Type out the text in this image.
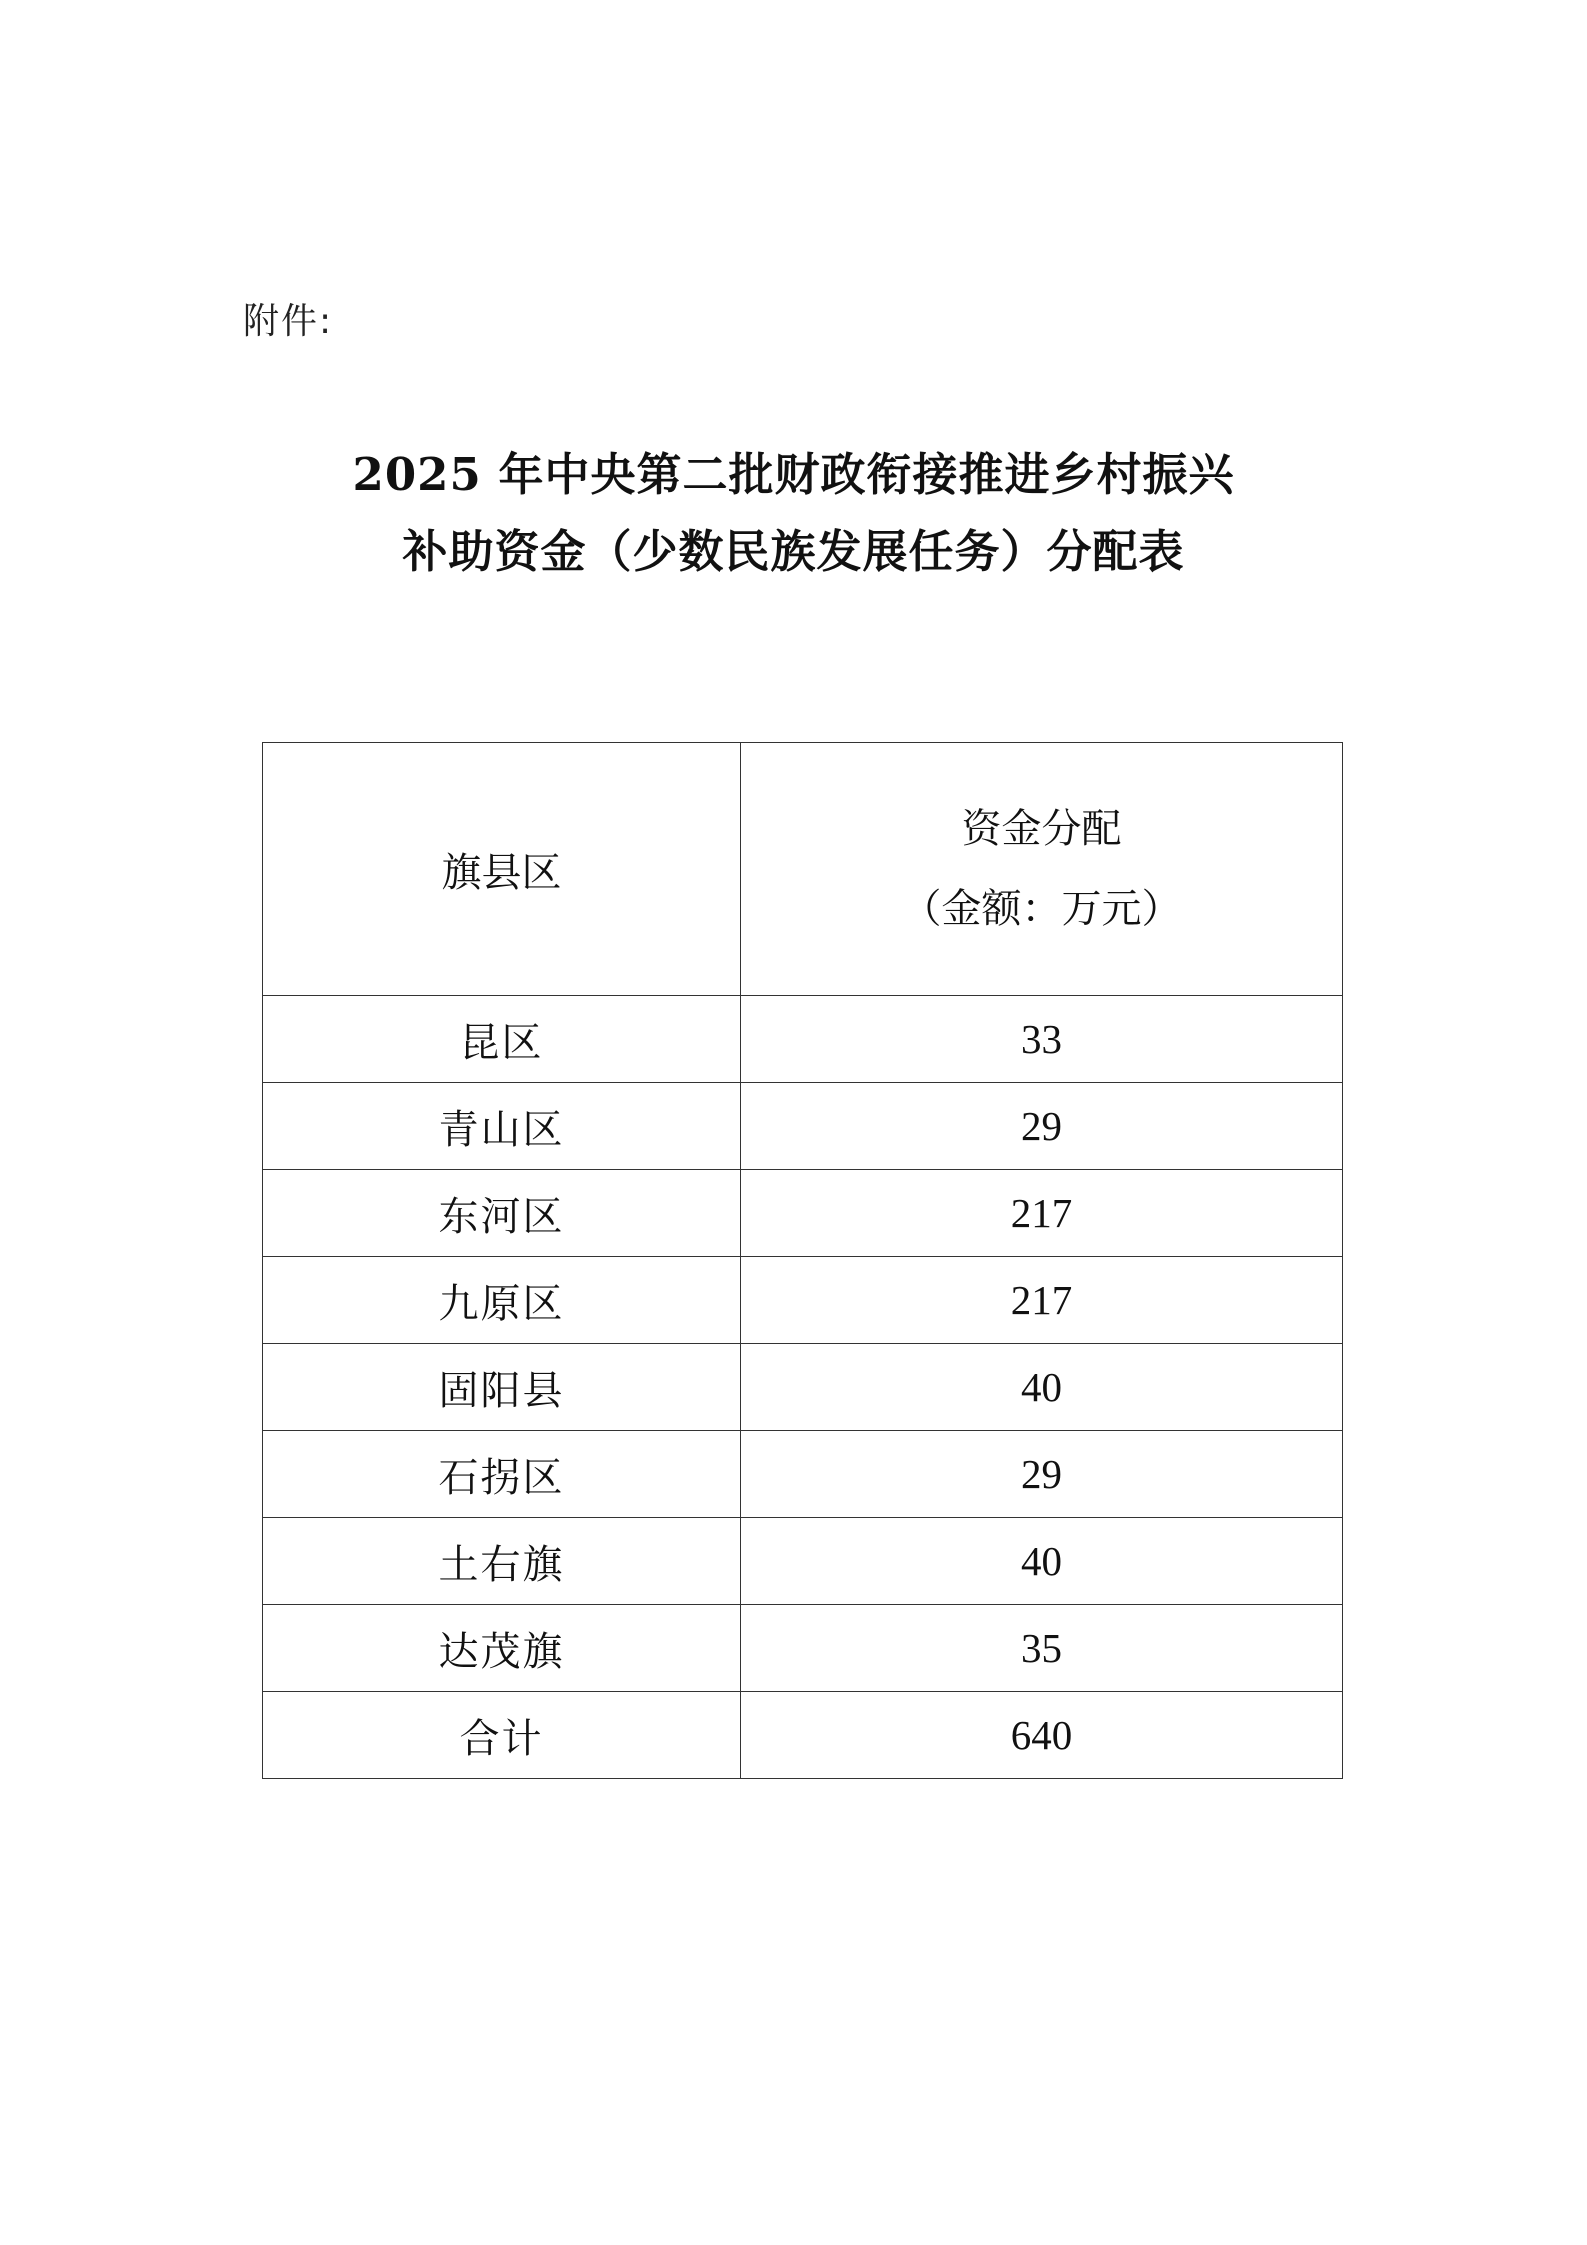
附件:
2025 年中央第二批财政衔接推进乡村振兴
补助资金（少数民族发展任务）分配表
旗县区	资金分配
（金额：万元）

昆区	33
青山区	29
东河区	217
九原区	217
固阳县	40
石拐区	29
土右旗	40
达茂旗	35
合计	640
